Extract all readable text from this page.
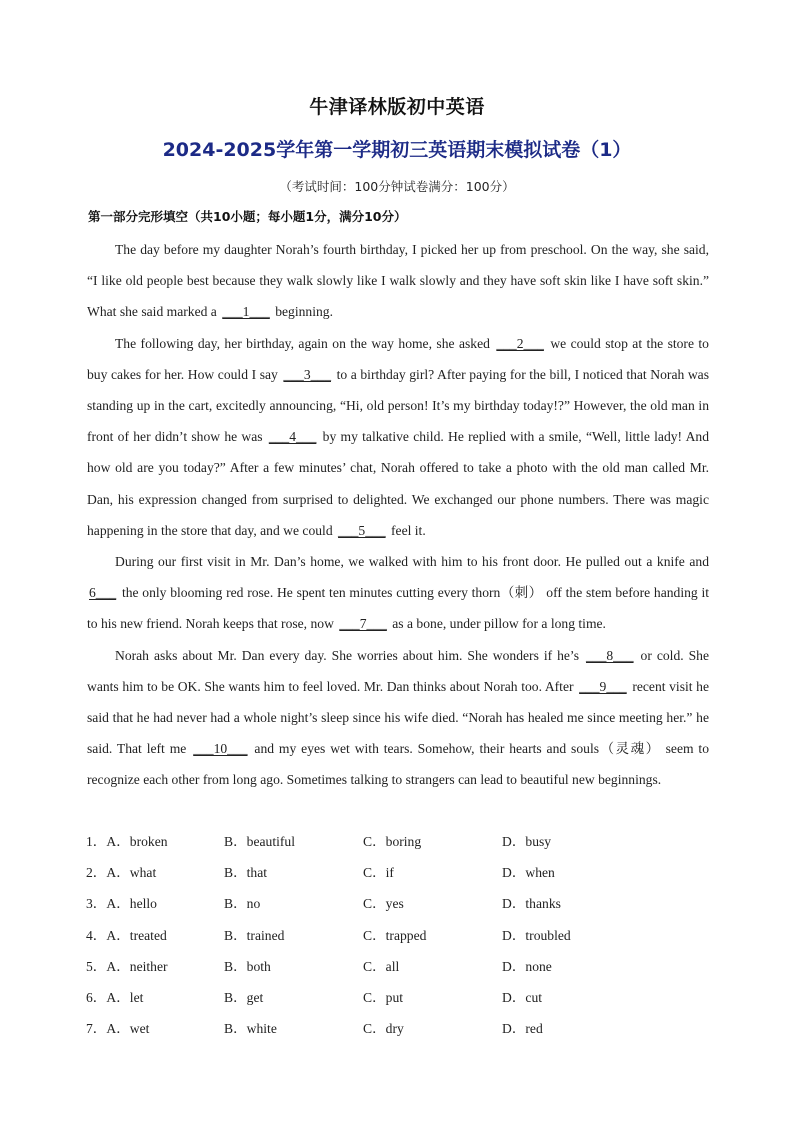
牛津译林版初中英语
2024-2025学年第一学期初三英语期末模拟试卷（1）
（考试时间：100分钟试卷满分：100分）
第一部分完形填空（共10小题；每小题1分，满分10分）

The day before my daughter Norah’s fourth birthday, I picked her up from preschool. On the way, she said, “I like old people best because they walk slowly like I walk slowly and they have soft skin like I have soft skin.” What she said marked a ___1___ beginning.

The following day, her birthday, again on the way home, she asked ___2___ we could stop at the store to buy cakes for her. How could I say ___3___ to a birthday girl? After paying for the bill, I noticed that Norah was standing up in the cart, excitedly announcing, “Hi, old person! It’s my birthday today!?” However, the old man in front of her didn’t show he was ___4___ by my talkative child. He replied with a smile, “Well, little lady! And how old are you today?” After a few minutes’ chat, Norah offered to take a photo with the old man called Mr. Dan, his expression changed from surprised to delighted. We exchanged our phone numbers. There was magic happening in the store that day, and we could ___5___ feel it.

During our first visit in Mr. Dan’s home, we walked with him to his front door. He pulled out a knife and 6___ the only blooming red rose. He spent ten minutes cutting every thorn（刺） off the stem before handing it to his new friend. Norah keeps that rose, now ___7___ as a bone, under pillow for a long time.

Norah asks about Mr. Dan every day. She worries about him. She wonders if he’s ___8___ or cold. She wants him to be OK. She wants him to feel loved. Mr. Dan thinks about Norah too. After ___9___ recent visit he said that he had never had a whole night’s sleep since his wife died. “Norah has healed me since meeting her.” he said. That left me ___10___ and my eyes wet with tears. Somehow, their hearts and souls（灵魂） seem to recognize each other from long ago. Sometimes talking to strangers can lead to beautiful new beginnings.

1．A．broken	B．beautiful	C．boring	D．busy
2．A．what	B．that	C．if	D．when
3．A．hello	B．no	C．yes	D．thanks
4．A．treated	B．trained	C．trapped	D．troubled
5．A．neither	B．both	C．all	D．none
6．A．let	B．get	C．put	D．cut
7．A．wet	B．white	C．dry	D．red
